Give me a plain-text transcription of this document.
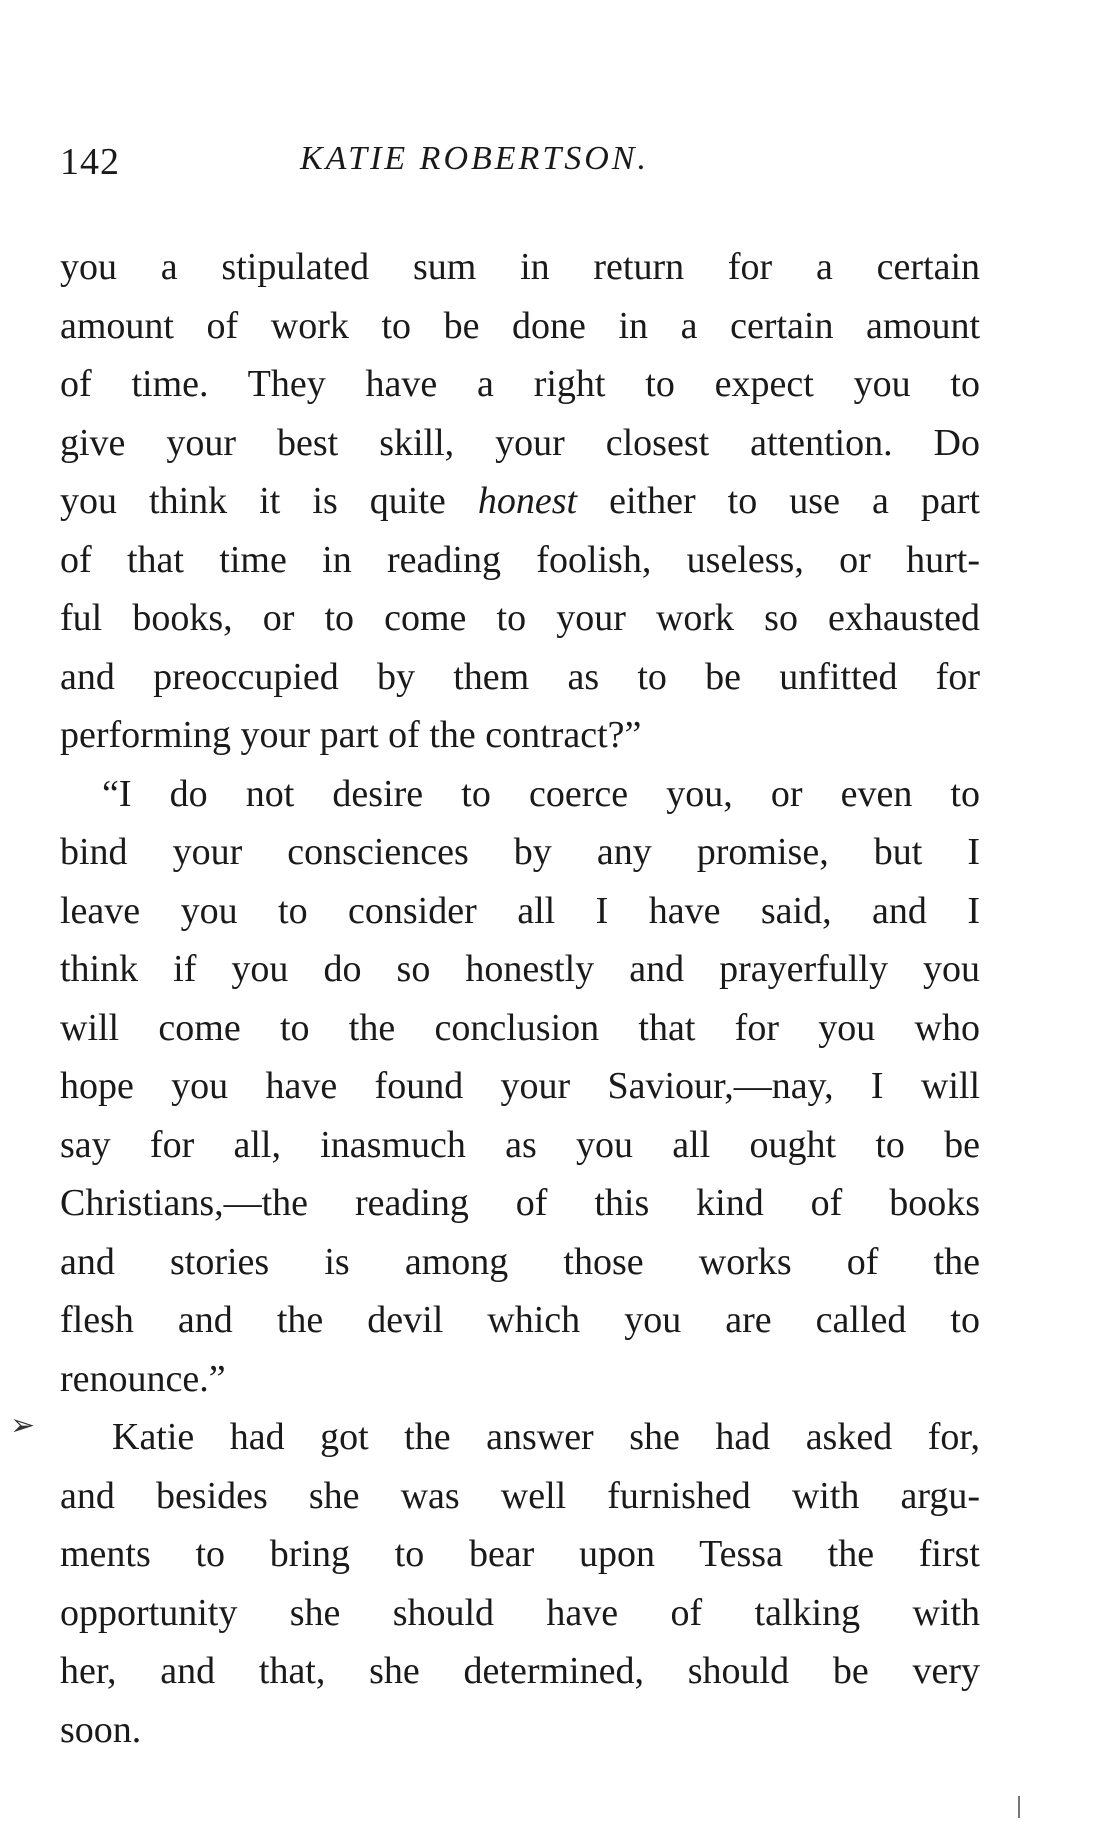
142	KATIE ROBERTSON.
➢
you a stipulated sum in return for a certain
amount of work to be done in a certain amount
of time. They have a right to expect you to
give your best skill, your closest attention. Do
you think it is quite honest either to use a part
of that time in reading foolish, useless, or hurt-
ful books, or to come to your work so exhausted
and preoccupied by them as to be unfitted for
performing your part of the contract?”
“I do not desire to coerce you, or even to
bind your consciences by any promise, but I
leave you to consider all I have said, and I
think if you do so honestly and prayerfully you
will come to the conclusion that for you who
hope you have found your Saviour,—nay, I will
say for all, inasmuch as you all ought to be
Christians,—the reading of this kind of books
and stories is among those works of the
flesh and the devil which you are called to
renounce.”
Katie had got the answer she had asked for,
and besides she was well furnished with argu-
ments to bring to bear upon Tessa the first
opportunity she should have of talking with
her, and that, she determined, should be very
soon.
